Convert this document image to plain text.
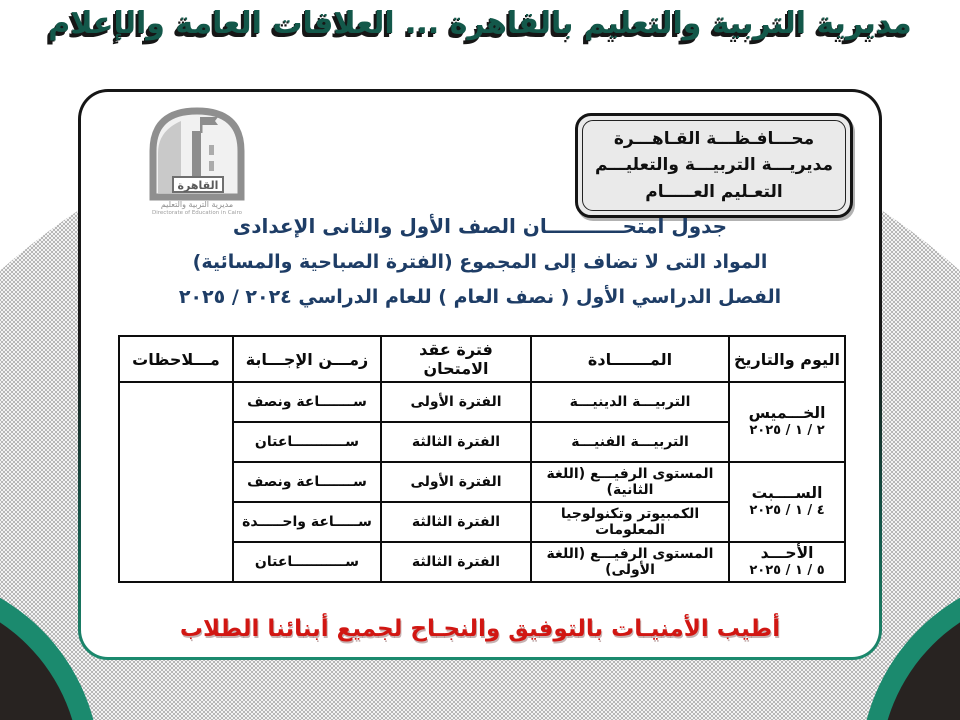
مديرية التربية والتعليم بالقاهرة ... العلاقات العامة والإعلام
القاهرة
مديرية التربية والتعليم
Directorate of Education in Cairo
محـــافـظـــة القـاهـــرة
مديريـــة التربيـــة والتعليـــم
التعـليم العـــــام
جدول امتحـــــــــــان الصف الأول والثانى الإعدادى
المواد التى لا تضاف إلى المجموع (الفترة الصباحية والمسائية)
الفصل الدراسي الأول ( نصف العام ) للعام الدراسي ٢٠٢٤ / ٢٠٢٥
اليوم والتاريخ	المـــــــادة	فترة عقد الامتحان	زمـــن الإجـــابة	مـــلاحظات

الخـــميس
٢ / ١ / ٢٠٢٥	التربيـــة الدينيـــة	الفترة الأولى	ســـــــاعة ونصف	
	التربيـــة الفنيـــة	الفترة الثالثة	ســـــــــــاعتان	

الســــبت
٤ / ١ / ٢٠٢٥	المستوى الرفيـــع (اللغة الثانية)	الفترة الأولى	ســـــــاعة ونصف	
	الكمبيوتر وتكنولوجيا المعلومات	الفترة الثالثة	ســـــاعة واحـــــدة	

الأحـــد
٥ / ١ / ٢٠٢٥	المستوى الرفيـــع (اللغة الأولى)	الفترة الثالثة	ســـــــــــاعتان	
أطيب الأمنيـات بالتوفيق والنجـاح لجميع أبنائنا الطلاب
